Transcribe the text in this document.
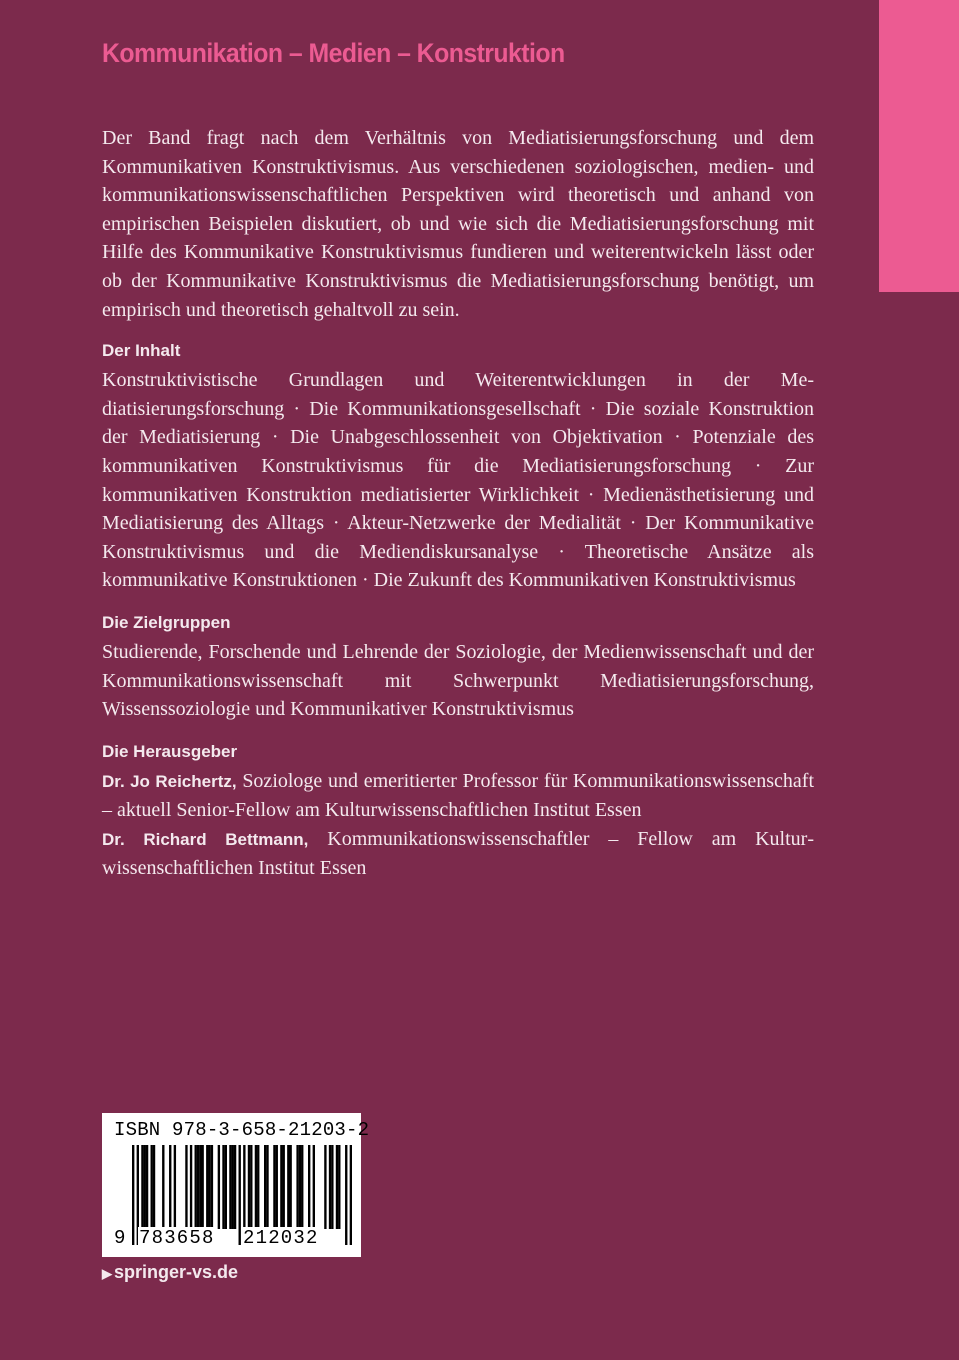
Kommunikation – Medien – Konstruktion

Der Band fragt nach dem Verhältnis von Mediatisierungsforschung und dem Kommunikativen Konstruktivismus. Aus verschiedenen soziologischen, medien- und kommunikationswissenschaftlichen Perspektiven wird theoretisch und anhand von empirischen Beispielen diskutiert, ob und wie sich die Mediatisierungsforschung mit Hilfe des Kommunikative Konstruktivismus fundieren und weiterentwickeln lässt oder ob der Kommunikative Konstruktivismus die Mediatisierungsforschung benötigt, um empirisch und theoretisch gehaltvoll zu sein.

Der Inhalt

Konstruktivistische Grundlagen und Weiterentwicklungen in der Mediatisierungsforschung · Die Kommunikationsgesellschaft · Die soziale Konstruktion der Mediatisierung · Die Unabgeschlossenheit von Objektivation · Potenziale des kommunikativen Konstruktivismus für die Mediatisierungsforschung · Zur kommunikativen Konstruktion mediatisierter Wirklichkeit · Medienästhetisierung und Mediatisierung des Alltags · Akteur-Netzwerke der Medialität · Der Kommunikative Konstruktivismus und die Mediendiskursanalyse · Theoretische Ansätze als kommunikative Konstruktionen · Die Zukunft des Kommunikativen Konstruktivismus

Die Zielgruppen

Studierende, Forschende und Lehrende der Soziologie, der Medienwissenschaft und der Kommunikationswissenschaft mit Schwerpunkt Mediatisierungsforschung, Wissenssoziologie und Kommunikativer Konstruktivismus

Die Herausgeber

Dr. Jo Reichertz, Soziologe und emeritierter Professor für Kommunikationswissenschaft – aktuell Senior-Fellow am Kulturwissenschaftlichen Institut Essen

Dr. Richard Bettmann, Kommunikationswissenschaftler – Fellow am Kulturwissenschaftlichen Institut Essen

ISBN 978-3-658-21203-2
9 783658 212032
▶ springer-vs.de
